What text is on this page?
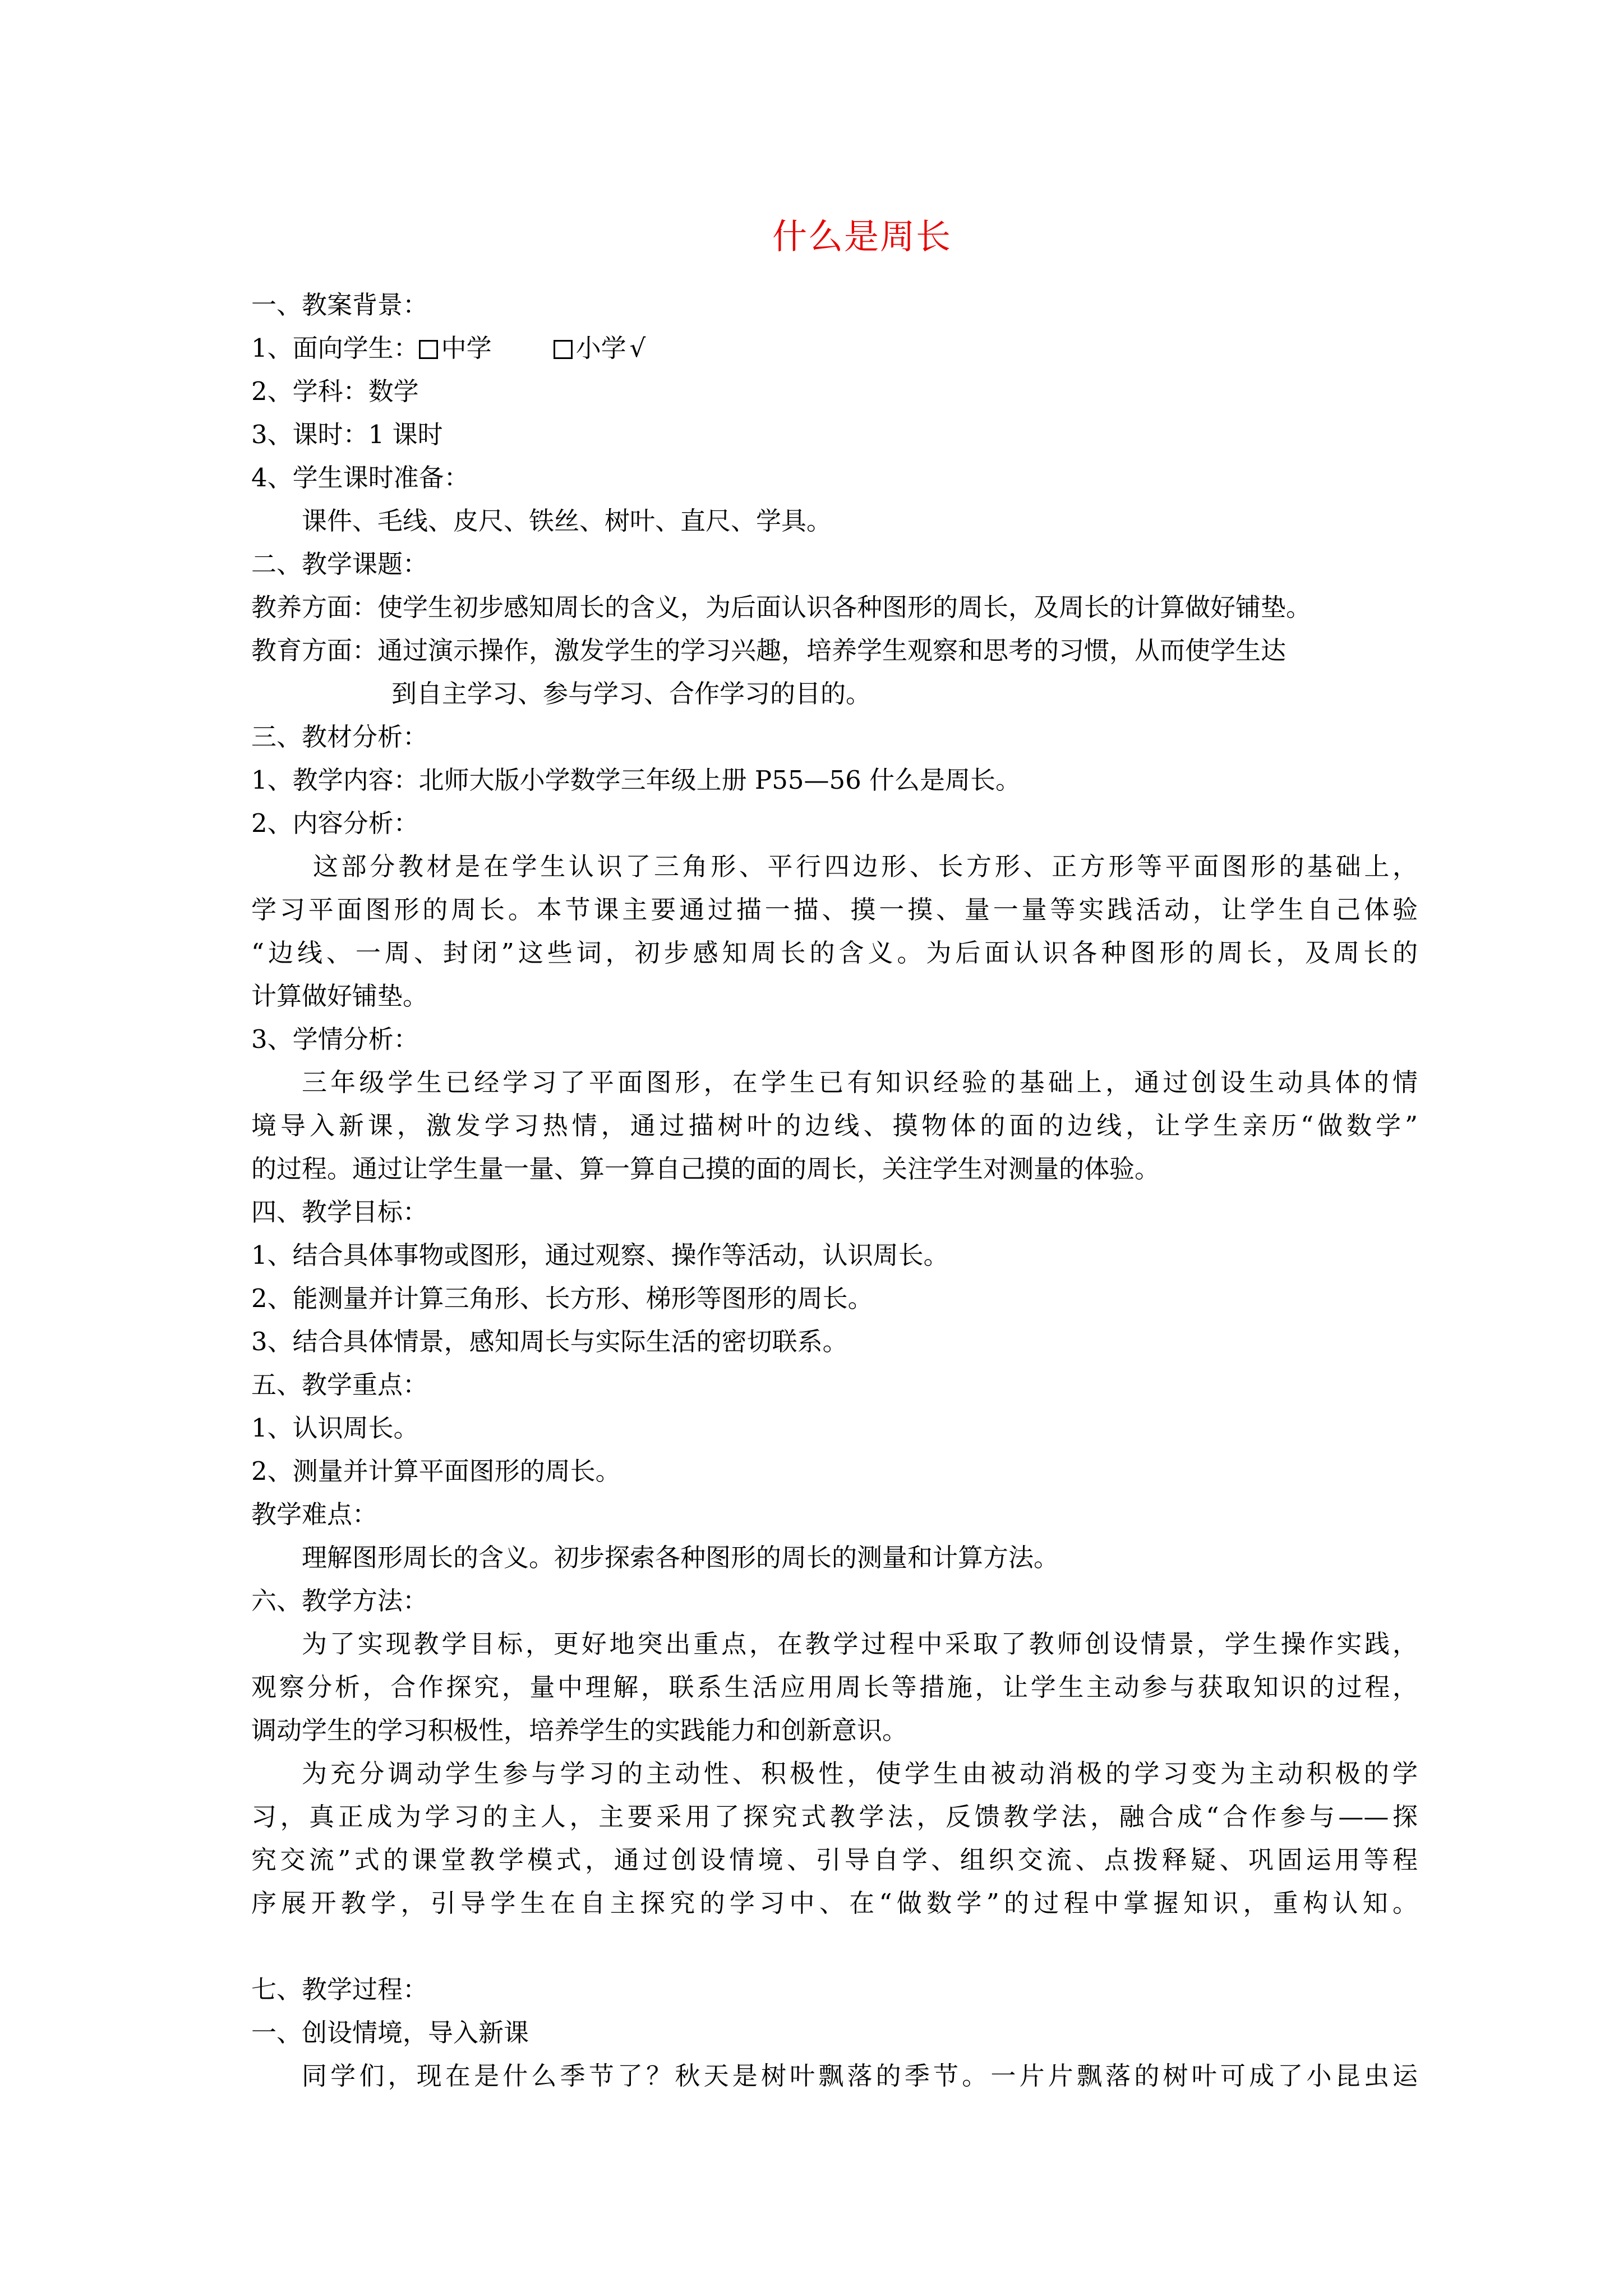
什么是周长
一、教案背景：
1、面向学生： 中学	小学 √
2、学科：数学
3、课时：1 课时
4、学生课时准备：
课件、毛线、皮尺、铁丝、树叶、直尺、学具。
二、教学课题：
教养方面：使学生初步感知周长的含义，为后面认识各种图形的周长，及周长的计算做好铺垫。
教育方面：通过演示操作，激发学生的学习兴趣，培养学生观察和思考的习惯，从而使学生达
到自主学习、参与学习、合作学习的目的。
三、教材分析：
1、教学内容：北师大版小学数学三年级上册 P55—56 什么是周长。
2、内容分析：
这部分教材是在学生认识了三角形、平行四边形、长方形、正方形等平面图形的基础上，
学习平面图形的周长。本节课主要通过描一描、摸一摸、量一量等实践活动，让学生自己体验
“边线、一周、封闭”这些词，初步感知周长的含义。为后面认识各种图形的周长，及周长的
计算做好铺垫。
3、学情分析：
三年级学生已经学习了平面图形，在学生已有知识经验的基础上，通过创设生动具体的情
境导入新课，激发学习热情，通过描树叶的边线、摸物体的面的边线，让学生亲历“做数学”
的过程。通过让学生量一量、算一算自己摸的面的周长，关注学生对测量的体验。
四、教学目标：
1、结合具体事物或图形，通过观察、操作等活动，认识周长。
2、能测量并计算三角形、长方形、梯形等图形的周长。
3、结合具体情景，感知周长与实际生活的密切联系。
五、教学重点：
1、认识周长。
2、测量并计算平面图形的周长。
教学难点：
理解图形周长的含义。初步探索各种图形的周长的测量和计算方法。
六、教学方法：
为了实现教学目标，更好地突出重点，在教学过程中采取了教师创设情景，学生操作实践，
观察分析，合作探究，量中理解，联系生活应用周长等措施，让学生主动参与获取知识的过程，
调动学生的学习积极性，培养学生的实践能力和创新意识。
为充分调动学生参与学习的主动性、积极性，使学生由被动消极的学习变为主动积极的学
习，真正成为学习的主人，主要采用了探究式教学法，反馈教学法，融合成“合作参与——探
究交流”式的课堂教学模式，通过创设情境、引导自学、组织交流、点拨释疑、巩固运用等程
序展开教学，引导学生在自主探究的学习中、在“做数学”的过程中掌握知识，重构认知。
七、教学过程：
一、创设情境，导入新课
同学们，现在是什么季节了？秋天是树叶飘落的季节。一片片飘落的树叶可成了小昆虫运
